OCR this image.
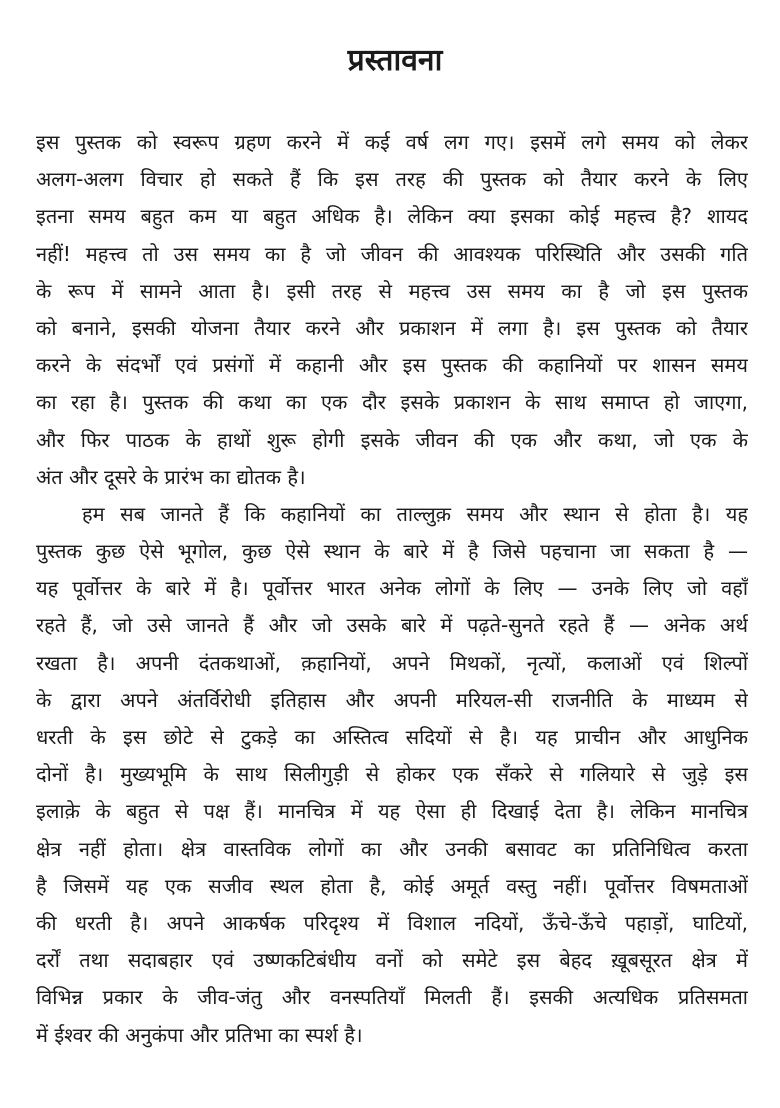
प्रस्तावना
इस पुस्तक को स्वरूप ग्रहण करने में कई वर्ष लग गए। इसमें लगे समय को लेकर
अलग-अलग विचार हो सकते हैं कि इस तरह की पुस्तक को तैयार करने के लिए
इतना समय बहुत कम या बहुत अधिक है। लेकिन क्या इसका कोई महत्त्व है? शायद
नहीं! महत्त्व तो उस समय का है जो जीवन की आवश्यक परिस्थिति और उसकी गति
के रूप में सामने आता है। इसी तरह से महत्त्व उस समय का है जो इस पुस्तक
को बनाने, इसकी योजना तैयार करने और प्रकाशन में लगा है। इस पुस्तक को तैयार
करने के संदर्भों एवं प्रसंगों में कहानी और इस पुस्तक की कहानियों पर शासन समय
का रहा है। पुस्तक की कथा का एक दौर इसके प्रकाशन के साथ समाप्त हो जाएगा,
और फिर पाठक के हाथों शुरू होगी इसके जीवन की एक और कथा, जो एक के
अंत और दूसरे के प्रारंभ का द्योतक है।
हम सब जानते हैं कि कहानियों का ताल्लुक़ समय और स्थान से होता है। यह
पुस्तक कुछ ऐसे भूगोल, कुछ ऐसे स्थान के बारे में है जिसे पहचाना जा सकता है —
यह पूर्वोत्तर के बारे में है। पूर्वोत्तर भारत अनेक लोगों के लिए — उनके लिए जो वहाँ
रहते हैं, जो उसे जानते हैं और जो उसके बारे में पढ़ते-सुनते रहते हैं — अनेक अर्थ
रखता है। अपनी दंतकथाओं, क़हानियों, अपने मिथकों, नृत्यों, कलाओं एवं शिल्पों
के द्वारा अपने अंतर्विरोधी इतिहास और अपनी मरियल-सी राजनीति के माध्यम से
धरती के इस छोटे से टुकड़े का अस्तित्व सदियों से है। यह प्राचीन और आधुनिक
दोनों है। मुख्यभूमि के साथ सिलीगुड़ी से होकर एक सँकरे से गलियारे से जुड़े इस
इलाक़े के बहुत से पक्ष हैं। मानचित्र में यह ऐसा ही दिखाई देता है। लेकिन मानचित्र
क्षेत्र नहीं होता। क्षेत्र वास्तविक लोगों का और उनकी बसावट का प्रतिनिधित्व करता
है जिसमें यह एक सजीव स्थल होता है, कोई अमूर्त वस्तु नहीं। पूर्वोत्तर विषमताओं
की धरती है। अपने आकर्षक परिदृश्य में विशाल नदियों, ऊँचे-ऊँचे पहाड़ों, घाटियों,
दर्रों तथा सदाबहार एवं उष्णकटिबंधीय वनों को समेटे इस बेहद ख़ूबसूरत क्षेत्र में
विभिन्न प्रकार के जीव-जंतु और वनस्पतियाँ मिलती हैं। इसकी अत्यधिक प्रतिसमता
में ईश्वर की अनुकंपा और प्रतिभा का स्पर्श है।
